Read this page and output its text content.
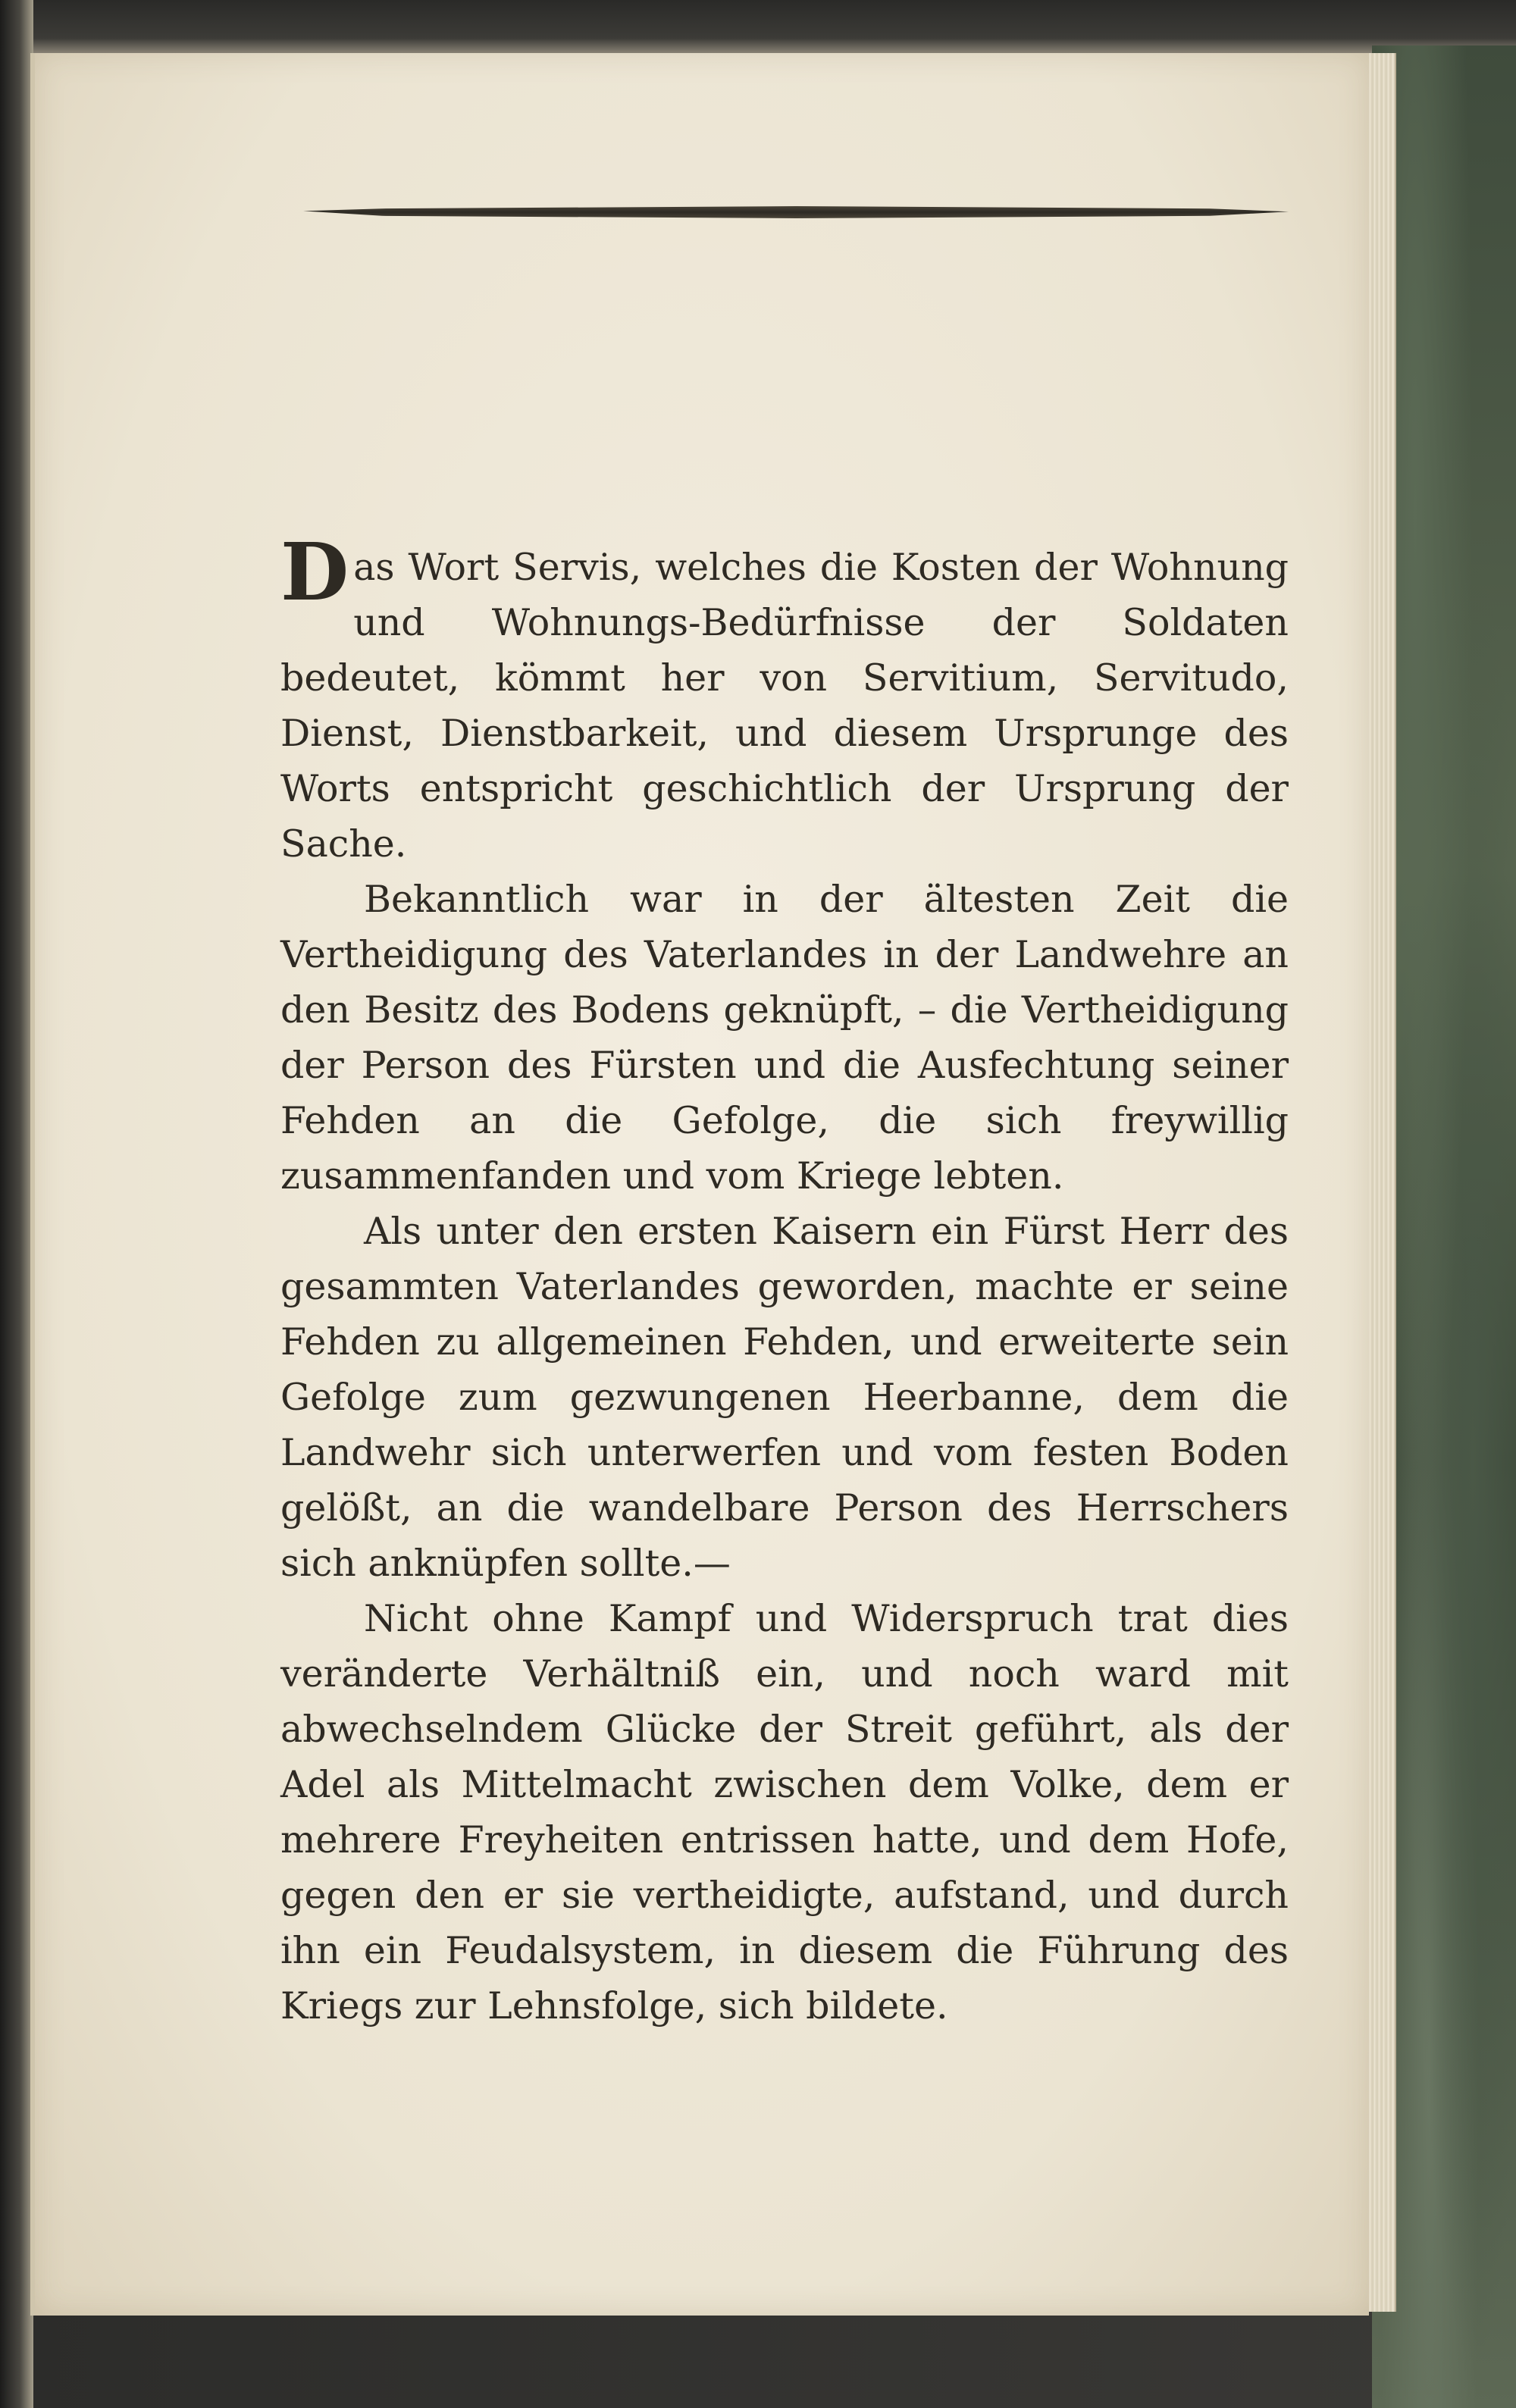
Das Wort Servis, welches die Kosten der Wohnung und Wohnungs-Bedürfnisse der Soldaten bedeutet, kömmt her von Servitium, Servitudo, Dienst, Dienstbarkeit, und diesem Ursprunge des Worts entspricht geschichtlich der Ursprung der Sache.

Bekanntlich war in der ältesten Zeit die Vertheidigung des Vaterlandes in der Landwehre an den Besitz des Bodens geknüpft, – die Vertheidigung der Person des Fürsten und die Ausfechtung seiner Fehden an die Gefolge, die sich freywillig zusammenfanden und vom Kriege lebten.

Als unter den ersten Kaisern ein Fürst Herr des gesammten Vaterlandes geworden, machte er seine Fehden zu allgemeinen Fehden, und erweiterte sein Gefolge zum gezwungenen Heerbanne, dem die Landwehr sich unterwerfen und vom festen Boden gelößt, an die wandelbare Person des Herrschers sich anknüpfen sollte.—

Nicht ohne Kampf und Widerspruch trat dies veränderte Verhältniß ein, und noch ward mit abwechselndem Glücke der Streit geführt, als der Adel als Mittelmacht zwischen dem Volke, dem er mehrere Freyheiten entrissen hatte, und dem Hofe, gegen den er sie vertheidigte, aufstand, und durch ihn ein Feudalsystem, in diesem die Führung des Kriegs zur Lehnsfolge, sich bildete.
